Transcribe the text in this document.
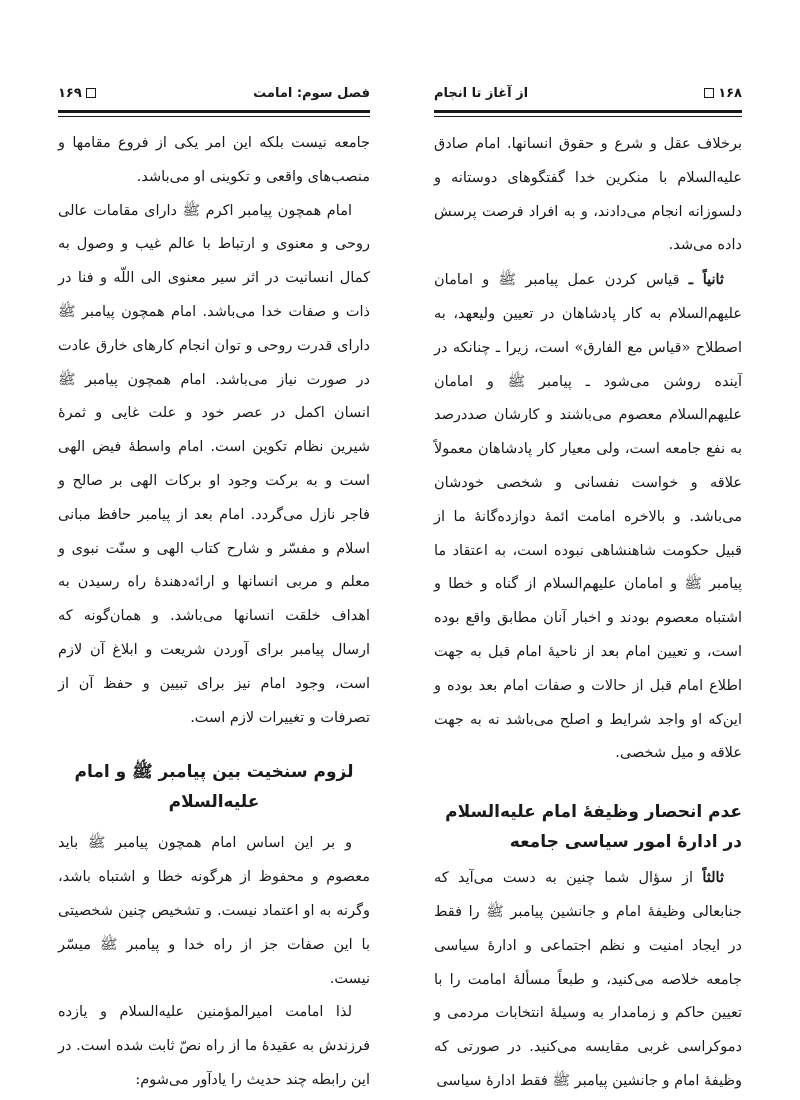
فصل سوم: امامت
۱۶۹

جامعه نیست بلکه این امر یکی از فروع مقامها و منصب‌های واقعی و تکوینی او می‌باشد.

امام همچون پیامبر اکرم ﷺ دارای مقامات عالی روحی و معنوی و ارتباط با عالم غیب و وصول به کمال انسانیت در اثر سیر معنوی الی اللّه و فنا در ذات و صفات خدا می‌باشد. امام همچون پیامبر ﷺ دارای قدرت روحی و توان انجام کارهای خارق عادت در صورت نیاز می‌باشد. امام همچون پیامبر ﷺ انسان اکمل در عصر خود و علت غایی و ثمرهٔ شیرین نظام تکوین است. امام واسطهٔ فیض الهی است و به برکت وجود او برکات الهی بر صالح و فاجر نازل می‌گردد. امام بعد از پیامبر حافظ مبانی اسلام و مفسّر و شارح کتاب الهی و سنّت نبوی و معلم و مربی انسانها و ارائه‌دهندهٔ راه رسیدن به اهداف خلقت انسانها می‌باشد. و همان‌گونه که ارسال پیامبر برای آوردن شریعت و ابلاغ آن لازم است، وجود امام نیز برای تبیین و حفظ آن از تصرفات و تغییرات لازم است.

لزوم سنخیت بین پیامبر ﷺ و امام علیه‌السلام

و بر این اساس امام همچون پیامبر ﷺ باید معصوم و محفوظ از هرگونه خطا و اشتباه باشد، وگرنه به او اعتماد نیست. و تشخیص چنین شخصیتی با این صفات جز از راه خدا و پیامبر ﷺ میسّر نیست.

لذا امامت امیرالمؤمنین علیه‌السلام و یازده فرزندش به عقیدهٔ ما از راه نصّ ثابت شده است. در این رابطه چند حدیث را یادآور می‌شوم:

۱۶۸
از آغاز تا انجام

برخلاف عقل و شرع و حقوق انسانها. امام صادق علیه‌السلام با منکرین خدا گفتگوهای دوستانه و دلسوزانه انجام می‌دادند، و به افراد فرصت پرسش داده می‌شد.

ثانیاً ـ قیاس کردن عمل پیامبر ﷺ و امامان علیهم‌السلام به کار پادشاهان در تعیین ولیعهد، به اصطلاح «قیاس مع الفارق» است، زیرا ـ چنانکه در آینده روشن می‌شود ـ پیامبر ﷺ و امامان علیهم‌السلام معصوم می‌باشند و کارشان صددرصد به نفع جامعه است، ولی معیار کار پادشاهان معمولاً علاقه و خواست نفسانی و شخصی خودشان می‌باشد. و بالاخره امامت ائمهٔ دوازده‌گانهٔ ما از قبیل حکومت شاهنشاهی نبوده است، به اعتقاد ما پیامبر ﷺ و امامان علیهم‌السلام از گناه و خطا و اشتباه معصوم بودند و اخبار آنان مطابق واقع بوده است، و تعیین امام بعد از ناحیهٔ امام قبل به جهت اطلاع امام قبل از حالات و صفات امام بعد بوده و این‌که او واجد شرایط و اصلح می‌باشد نه به جهت علاقه و میل شخصی.

عدم انحصار وظیفهٔ امام علیه‌السلام در ادارهٔ امور سیاسی جامعه

ثالثاً از سؤال شما چنین به دست می‌آید که جنابعالی وظیفهٔ امام و جانشین پیامبر ﷺ را فقط در ایجاد امنیت و نظم اجتماعی و ادارهٔ سیاسی جامعه خلاصه می‌کنید، و طبعاً مسألهٔ امامت را با تعیین حاکم و زمامدار به وسیلهٔ انتخابات مردمی و دموکراسی غربی مقایسه می‌کنید. در صورتی که وظیفهٔ امام و جانشین پیامبر ﷺ فقط ادارهٔ سیاسی
